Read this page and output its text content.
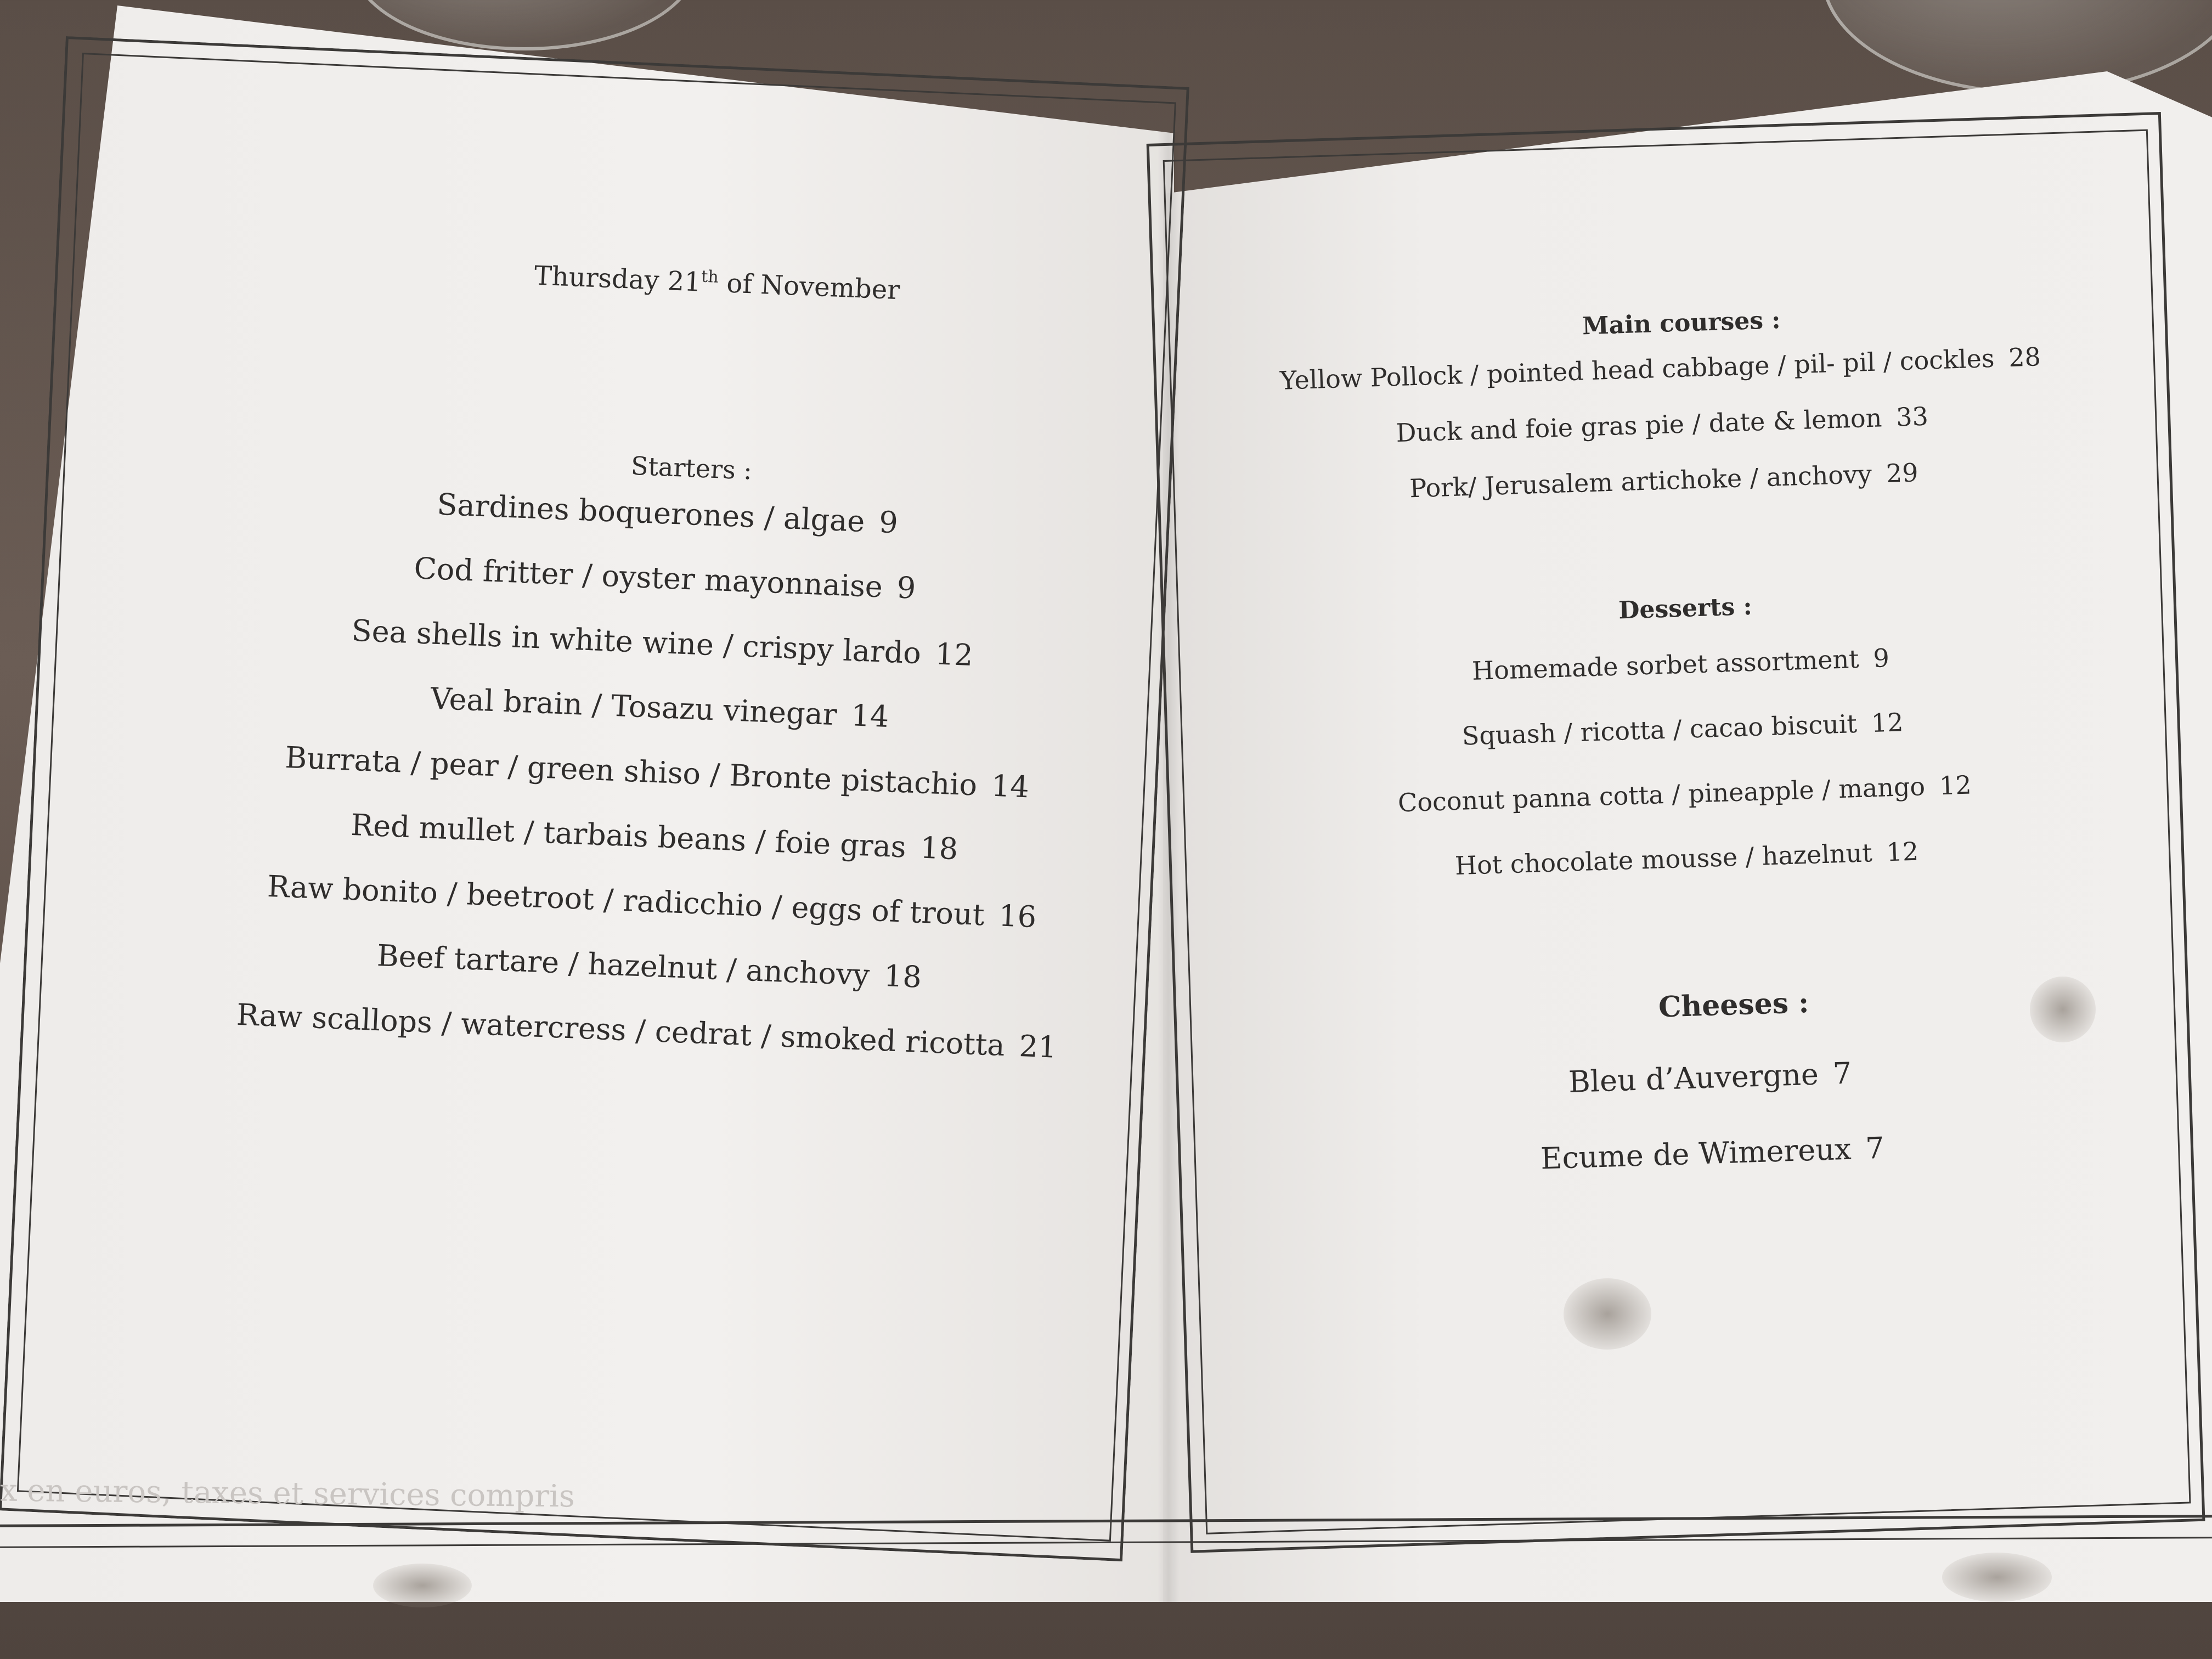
Thursday 21th of November
Starters :
Sardines boquerones / algae 9
Cod fritter / oyster mayonnaise 9
Sea shells in white wine / crispy lardo 12
Veal brain / Tosazu vinegar 14
Burrata / pear / green shiso / Bronte pistachio 14
Red mullet / tarbais beans / foie gras 18
Raw bonito / beetroot / radicchio / eggs of trout 16
Beef tartare / hazelnut / anchovy 18
Raw scallops / watercress / cedrat / smoked ricotta 21
Main courses :
Yellow Pollock / pointed head cabbage / pil- pil / cockles 28
Duck and foie gras pie / date & lemon 33
Pork/ Jerusalem artichoke / anchovy 29
Desserts :
Homemade sorbet assortment 9
Squash / ricotta / cacao biscuit 12
Coconut panna cotta / pineapple / mango 12
Hot chocolate mousse / hazelnut 12
Cheeses :
Bleu d’Auvergne 7
Ecume de Wimereux 7
x en euros, taxes et services compris
